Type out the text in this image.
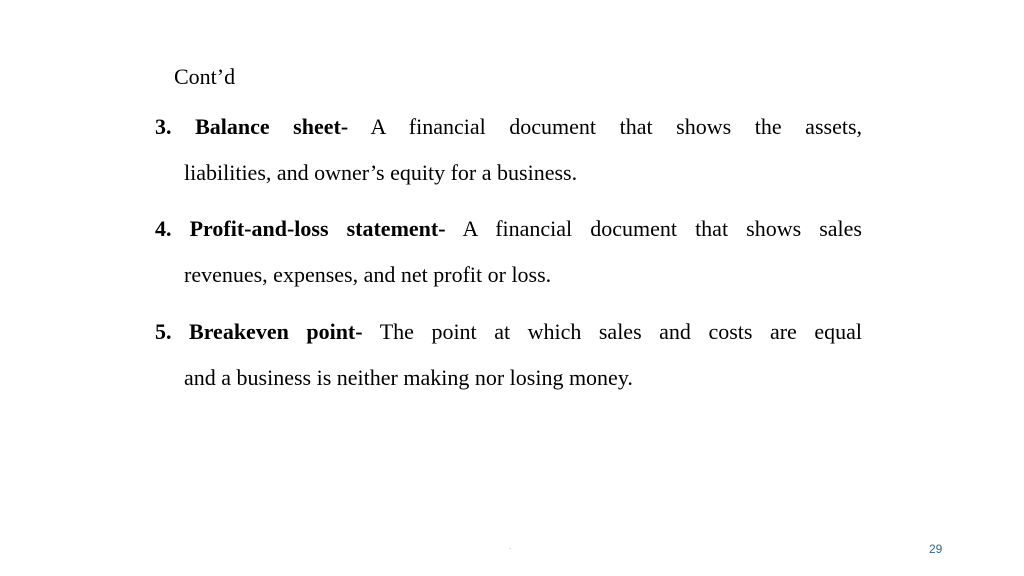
Cont’d
3. Balance sheet- A financial document that shows the assets,
liabilities, and owner’s equity for a business.
4. Profit-and-loss statement- A financial document that shows sales
revenues, expenses, and net profit or loss.
5. Breakeven point- The point at which sales and costs are equal
and a business is neither making nor losing money.
.	29
